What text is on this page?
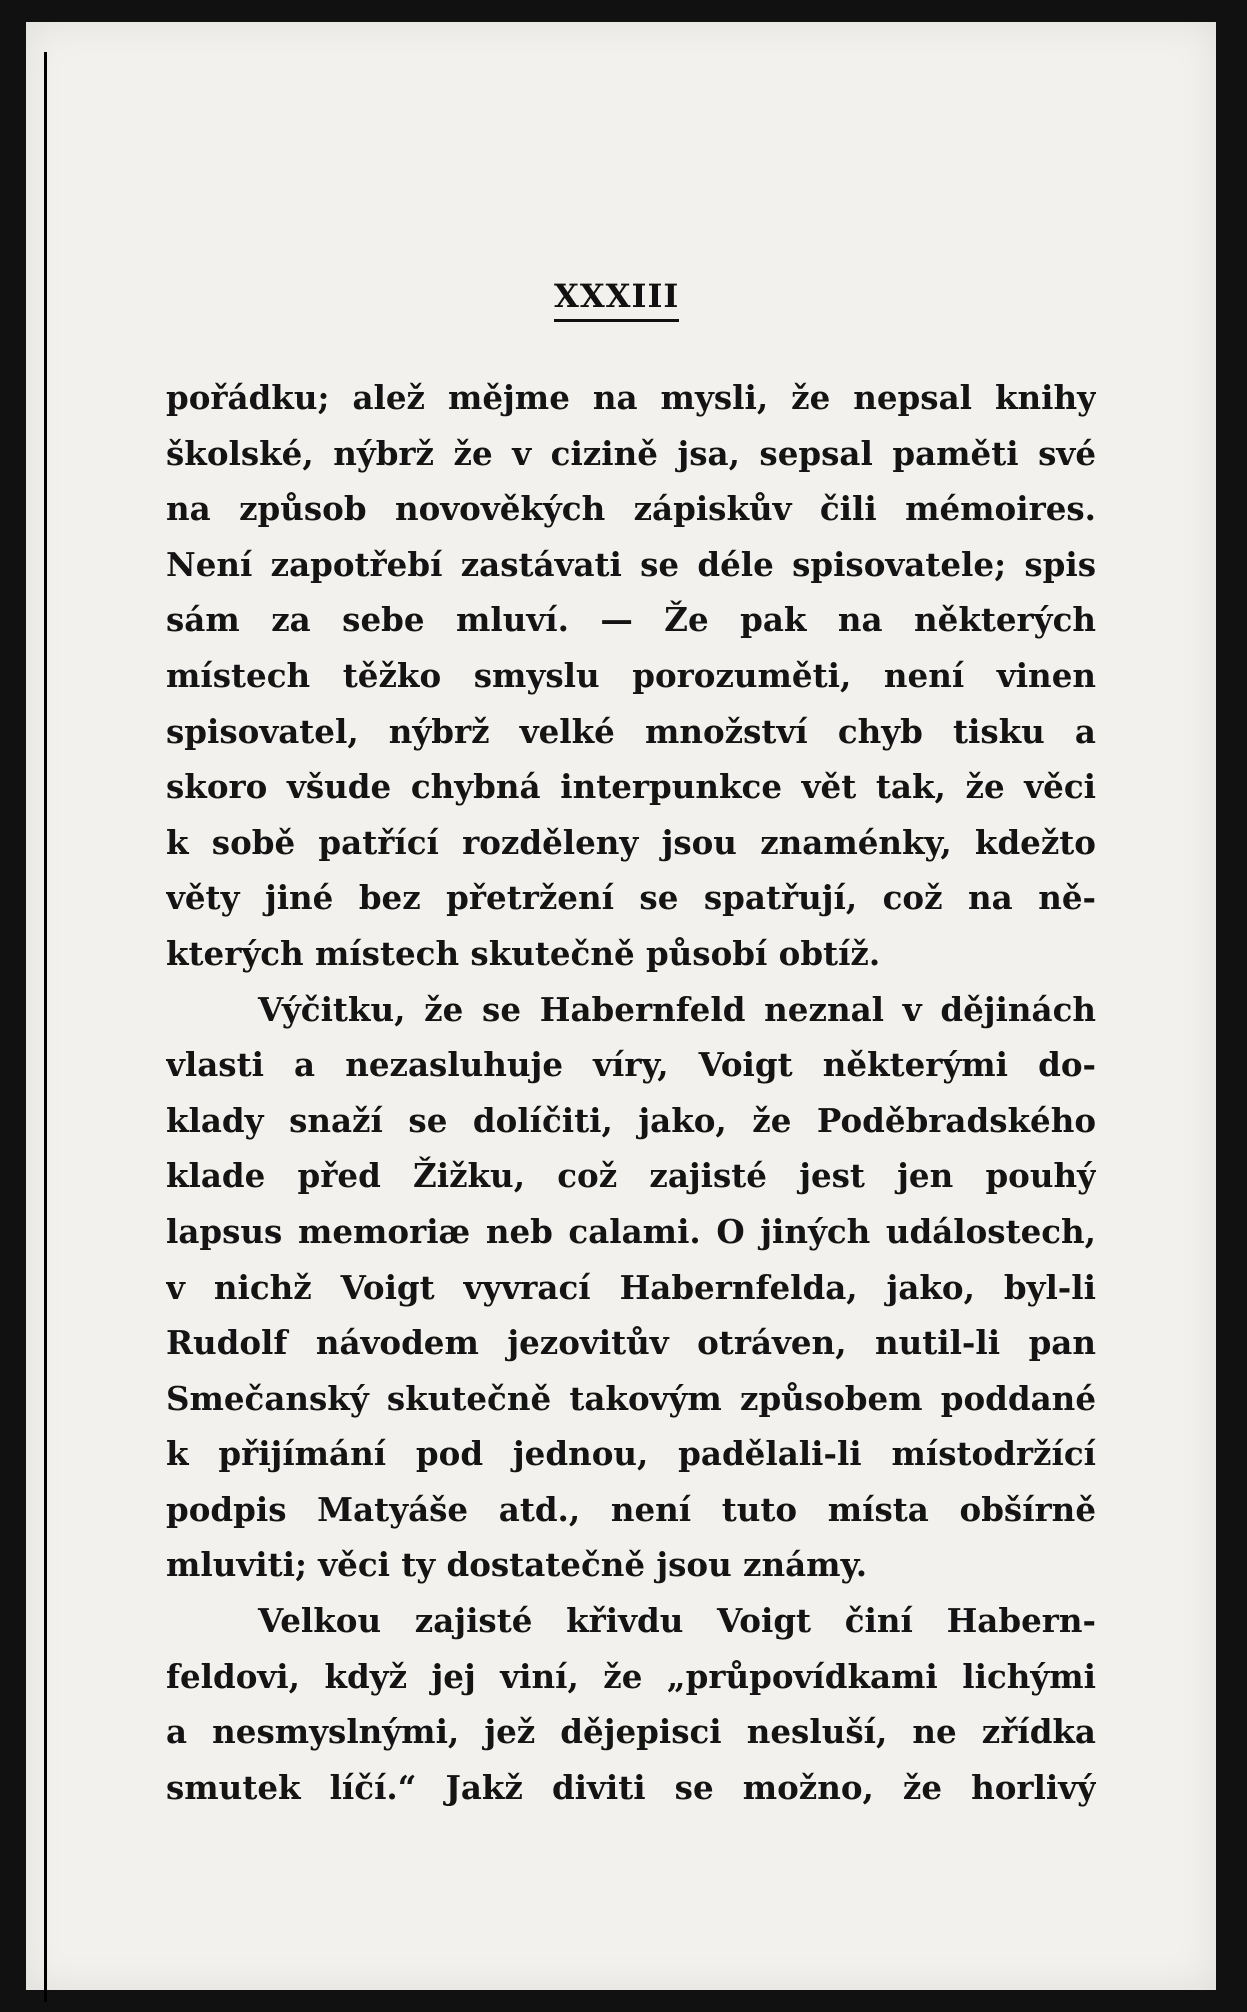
XXXIII
pořádku; alež mějme na mysli, že nepsal knihy
školské, nýbrž že v cizině jsa, sepsal paměti své
na způsob novověkých zápiskův čili mémoires.
Není zapotřebí zastávati se déle spisovatele; spis
sám za sebe mluví. — Že pak na některých
místech těžko smyslu porozuměti, není vinen
spisovatel, nýbrž velké množství chyb tisku a
skoro všude chybná interpunkce vět tak, že věci
k sobě patřící rozděleny jsou znaménky, kdežto
věty jiné bez přetržení se spatřují, což na ně-
kterých místech skutečně působí obtíž.
Výčitku, že se Habernfeld neznal v dějinách
vlasti a nezasluhuje víry, Voigt některými do-
klady snaží se dolíčiti, jako, že Poděbradského
klade před Žižku, což zajisté jest jen pouhý
lapsus memoriæ neb calami. O jiných událostech,
v nichž Voigt vyvrací Habernfelda, jako, byl-li
Rudolf návodem jezovitův otráven, nutil-li pan
Smečanský skutečně takovým způsobem poddané
k přijímání pod jednou, padělali-li místodržící
podpis Matyáše atd., není tuto místa obšírně
mluviti; věci ty dostatečně jsou známy.
Velkou zajisté křivdu Voigt činí Habern-
feldovi, když jej viní, že „průpovídkami lichými
a nesmyslnými, jež dějepisci nesluší, ne zřídka
smutek líčí.“ Jakž diviti se možno, že horlivý
